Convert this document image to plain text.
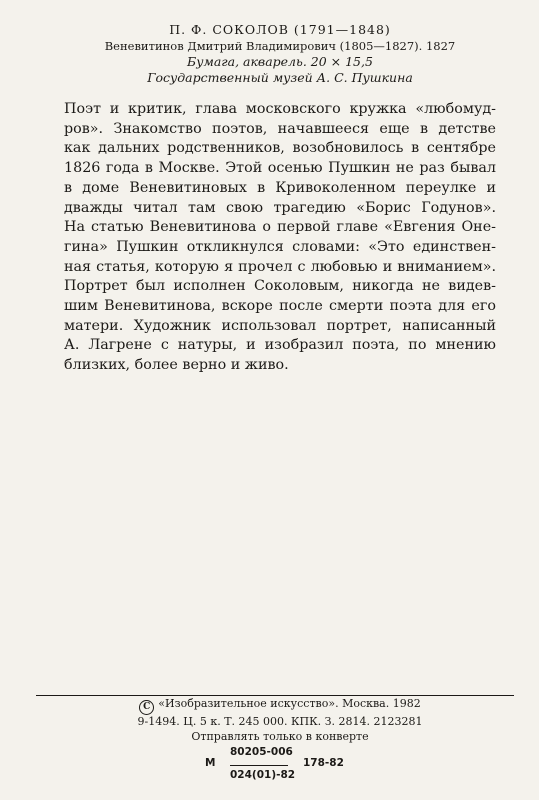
П. Ф. СОКОЛОВ (1791—1848)
Веневитинов Дмитрий Владимирович (1805—1827). 1827
Бумага, акварель. 20 × 15,5
Государственный музей А. С. Пушкина
Поэт и критик, глава московского кружка «любомуд-
ров». Знакомство поэтов, начавшееся еще в детстве
как дальних родственников, возобновилось в сентябре
1826 года в Москве. Этой осенью Пушкин не раз бывал
в доме Веневитиновых в Кривоколенном переулке и
дважды читал там свою трагедию «Борис Годунов».
На статью Веневитинова о первой главе «Евгения Оне-
гина» Пушкин откликнулся словами: «Это единствен-
ная статья, которую я прочел с любовью и вниманием».
Портрет был исполнен Соколовым, никогда не видев-
шим Веневитинова, вскоре после смерти поэта для его
матери. Художник использовал портрет, написанный
А. Лагрене с натуры, и изобразил поэта, по мнению
близких, более верно и живо.
C «Изобразительное искусство». Москва. 1982
9-1494. Ц. 5 к. Т. 245 000. КПК. З. 2814. 2123281
Отправлять только в конверте
М
80205-006
178-82
024(01)-82
